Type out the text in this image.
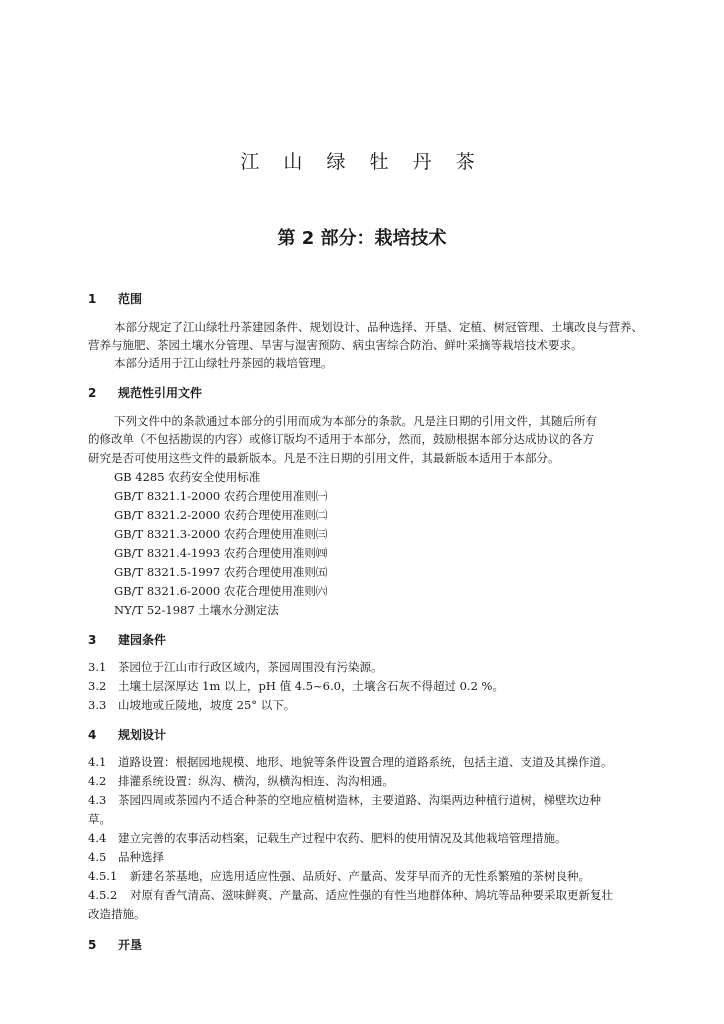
江 山 绿 牡 丹 茶
第 2 部分：栽培技术
1 范围
本部分规定了江山绿牡丹茶建园条件、规划设计、品种选择、开垦、定植、树冠管理、土壤改良与营养、
营养与施肥、茶园土壤水分管理、旱害与湿害预防、病虫害综合防治、鲜叶采摘等栽培技术要求。
本部分适用于江山绿牡丹茶园的栽培管理。
2 规范性引用文件
下列文件中的条款通过本部分的引用而成为本部分的条款。凡是注日期的引用文件，其随后所有
的修改单（不包括勘误的内容）或修订版均不适用于本部分，然而，鼓励根据本部分达成协议的各方
研究是否可使用这些文件的最新版本。凡是不注日期的引用文件，其最新版本适用于本部分。
GB 4285 农药安全使用标准
GB/T 8321.1-2000 农药合理使用准则㈠
GB/T 8321.2-2000 农药合理使用准则㈡
GB/T 8321.3-2000 农药合理使用准则㈢
GB/T 8321.4-1993 农药合理使用准则㈣
GB/T 8321.5-1997 农药合理使用准则㈤
GB/T 8321.6-2000 农花合理使用准则㈥
NY/T 52-1987 土壤水分测定法
3 建园条件
3.1 茶园位于江山市行政区域内，茶园周围没有污染源。
3.2 土壤土层深厚达 1m 以上，pH 值 4.5~6.0，土壤含石灰不得超过 0.2 %。
3.3 山坡地或丘陵地，坡度 25° 以下。
4 规划设计
4.1 道路设置：根据园地规模、地形、地貌等条件设置合理的道路系统，包括主道、支道及其操作道。
4.2 排灌系统设置：纵沟、横沟，纵横沟相连、沟沟相通。
4.3 茶园四周或茶园内不适合种茶的空地应植树造林，主要道路、沟渠两边种植行道树，梯壁坎边种
草。
4.4 建立完善的农事活动档案，记载生产过程中农药、肥料的使用情况及其他栽培管理措施。
4.5 品种选择
4.5.1 新建名茶基地，应选用适应性强、品质好、产量高、发芽早而齐的无性系繁殖的茶树良种。
4.5.2 对原有香气清高、滋味鲜爽、产量高、适应性强的有性当地群体种、鸠坑等品种要采取更新复壮
改造措施。
5 开垦
